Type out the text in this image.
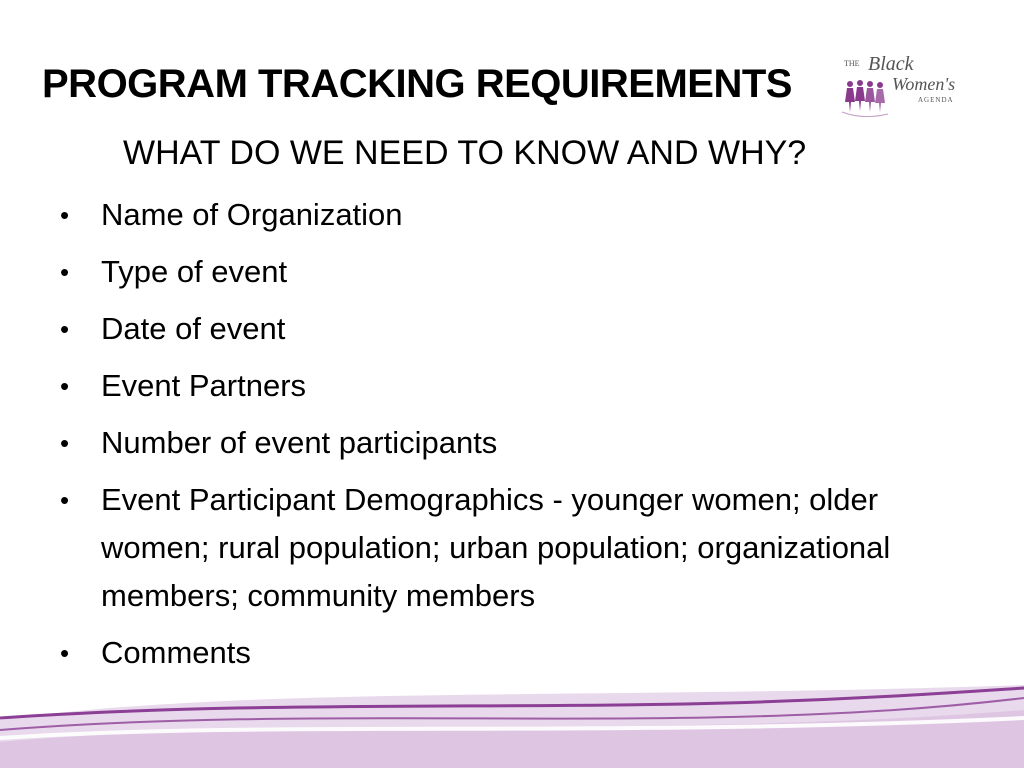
THE Black
Women's
AGENDA
PROGRAM TRACKING REQUIREMENTS
WHAT DO WE NEED TO KNOW AND WHY?
• Name of Organization
• Type of event
• Date of event
• Event Partners
• Number of event participants
• Event Participant Demographics - younger women; older women; rural population; urban population; organizational members; community members
• Comments
